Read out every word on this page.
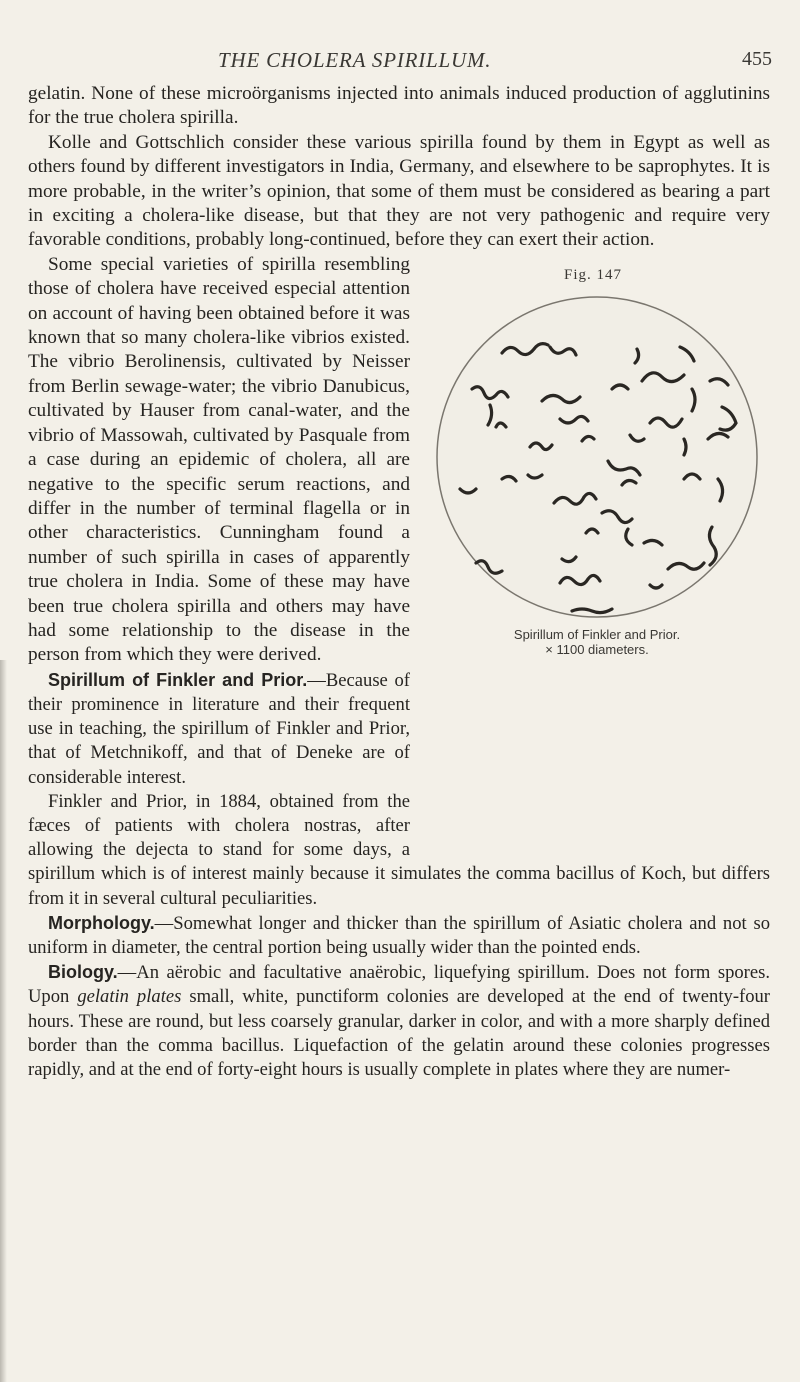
THE CHOLERA SPIRILLUM.	455

gelatin. None of these microörganisms injected into animals induced production of agglutinins for the true cholera spirilla.

Kolle and Gottschlich consider these various spirilla found by them in Egypt as well as others found by different investigators in India, Germany, and elsewhere to be saprophytes. It is more probable, in the writer’s opinion, that some of them must be considered as bearing a part in exciting a cholera-like disease, but that they are not very pathogenic and require very favorable conditions, probably long-continued, before they can exert their action.

Fig. 147
Spirillum of Finkler and Prior.
× 1100 diameters.

Some special varieties of spirilla resembling those of cholera have received especial attention on account of having been obtained before it was known that so many cholera-like vibrios existed. The vibrio Berolinensis, cultivated by Neisser from Berlin sewage-water; the vibrio Danubicus, cultivated by Hauser from canal-water, and the vibrio of Massowah, cultivated by Pasquale from a case during an epidemic of cholera, all are negative to the specific serum reactions, and differ in the number of terminal flagella or in other characteristics. Cunningham found a number of such spirilla in cases of apparently true cholera in India. Some of these may have been true cholera spirilla and others may have had some relationship to the disease in the person from which they were derived.

Spirillum of Finkler and Prior.—Because of their prominence in literature and their frequent use in teaching, the spirillum of Finkler and Prior, that of Metchnikoff, and that of Deneke are of considerable interest.

Finkler and Prior, in 1884, obtained from the fæces of patients with cholera nostras, after allowing the dejecta to stand for some days, a spirillum which is of interest mainly because it simulates the comma bacillus of Koch, but differs from it in several cultural peculiarities.

Morphology.—Somewhat longer and thicker than the spirillum of Asiatic cholera and not so uniform in diameter, the central portion being usually wider than the pointed ends.

Biology.—An aërobic and facultative anaërobic, liquefying spirillum. Does not form spores. Upon gelatin plates small, white, punctiform colonies are developed at the end of twenty-four hours. These are round, but less coarsely granular, darker in color, and with a more sharply defined border than the comma bacillus. Liquefaction of the gelatin around these colonies progresses rapidly, and at the end of forty-eight hours is usually complete in plates where they are numer-
